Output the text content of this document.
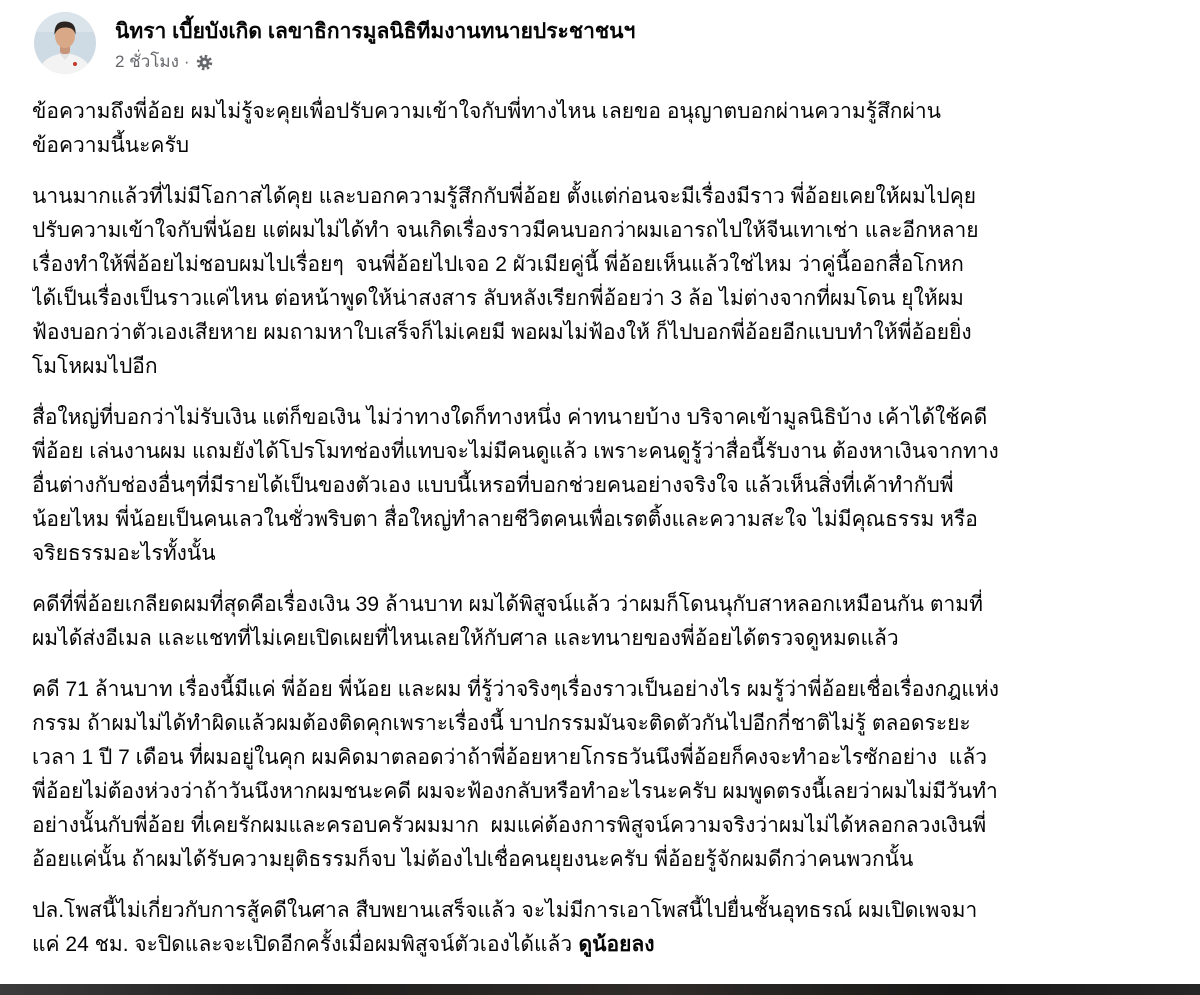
นิทรา เบี้ยบังเกิด เลขาธิการมูลนิธิทีมงานทนายประชาชนฯ
2 ชั่วโมง ·
ข้อความถึงพี่อ้อย ผมไม่รู้จะคุยเพื่อปรับความเข้าใจกับพี่ทางไหน เลยขอ อนุญาตบอกผ่านความรู้สึกผ่าน
ข้อความนี้นะครับ
นานมากแล้วที่ไม่มีโอกาสได้คุย และบอกความรู้สึกกับพี่อ้อย ตั้งแต่ก่อนจะมีเรื่องมีราว พี่อ้อยเคยให้ผมไปคุย
ปรับความเข้าใจกับพี่น้อย แต่ผมไม่ได้ทำ จนเกิดเรื่องราวมีคนบอกว่าผมเอารถไปให้จีนเทาเช่า และอีกหลาย
เรื่องทำให้พี่อ้อยไม่ชอบผมไปเรื่อยๆ  จนพี่อ้อยไปเจอ 2 ผัวเมียคู่นี้ พี่อ้อยเห็นแล้วใช่ไหม ว่าคู่นี้ออกสื่อโกหก
ได้เป็นเรื่องเป็นราวแค่ไหน ต่อหน้าพูดให้น่าสงสาร ลับหลังเรียกพี่อ้อยว่า 3 ล้อ ไม่ต่างจากที่ผมโดน ยุให้ผม
ฟ้องบอกว่าตัวเองเสียหาย ผมถามหาใบเสร็จก็ไม่เคยมี พอผมไม่ฟ้องให้ ก็ไปบอกพี่อ้อยอีกแบบทำให้พี่อ้อยยิ่ง
โมโหผมไปอีก
สื่อใหญ่ที่บอกว่าไม่รับเงิน แต่ก็ขอเงิน ไม่ว่าทางใดก็ทางหนึ่ง ค่าทนายบ้าง บริจาคเข้ามูลนิธิบ้าง เค้าได้ใช้คดี
พี่อ้อย เล่นงานผม แถมยังได้โปรโมทช่องที่แทบจะไม่มีคนดูแล้ว เพราะคนดูรู้ว่าสื่อนี้รับงาน ต้องหาเงินจากทาง
อื่นต่างกับช่องอื่นๆที่มีรายได้เป็นของตัวเอง แบบนี้เหรอที่บอกช่วยคนอย่างจริงใจ แล้วเห็นสิ่งที่เค้าทำกับพี่
น้อยไหม พี่น้อยเป็นคนเลวในชั่วพริบตา สื่อใหญ่ทำลายชีวิตคนเพื่อเรตติ้งและความสะใจ ไม่มีคุณธรรม หรือ
จริยธรรมอะไรทั้งนั้น
คดีที่พี่อ้อยเกลียดผมที่สุดคือเรื่องเงิน 39 ล้านบาท ผมได้พิสูจน์แล้ว ว่าผมก็โดนนุกับสาหลอกเหมือนกัน ตามที่
ผมได้ส่งอีเมล และแชทที่ไม่เคยเปิดเผยที่ไหนเลยให้กับศาล และทนายของพี่อ้อยได้ตรวจดูหมดแล้ว
คดี 71 ล้านบาท เรื่องนี้มีแค่ พี่อ้อย พี่น้อย และผม ที่รู้ว่าจริงๆเรื่องราวเป็นอย่างไร ผมรู้ว่าพี่อ้อยเชื่อเรื่องกฎแห่ง
กรรม ถ้าผมไม่ได้ทำผิดแล้วผมต้องติดคุกเพราะเรื่องนี้ บาปกรรมมันจะติดตัวกันไปอีกกี่ชาติไม่รู้ ตลอดระยะ
เวลา 1 ปี 7 เดือน ที่ผมอยู่ในคุก ผมคิดมาตลอดว่าถ้าพี่อ้อยหายโกรธวันนึงพี่อ้อยก็คงจะทำอะไรซักอย่าง  แล้ว
พี่อ้อยไม่ต้องห่วงว่าถ้าวันนึงหากผมชนะคดี ผมจะฟ้องกลับหรือทำอะไรนะครับ ผมพูดตรงนี้เลยว่าผมไม่มีวันทำ
อย่างนั้นกับพี่อ้อย ที่เคยรักผมและครอบครัวผมมาก  ผมแค่ต้องการพิสูจน์ความจริงว่าผมไม่ได้หลอกลวงเงินพี่
อ้อยแค่นั้น ถ้าผมได้รับความยุติธรรมก็จบ ไม่ต้องไปเชื่อคนยุยงนะครับ พี่อ้อยรู้จักผมดีกว่าคนพวกนั้น
ปล.โพสนี้ไม่เกี่ยวกับการสู้คดีในศาล สืบพยานเสร็จแล้ว จะไม่มีการเอาโพสนี้ไปยื่นชั้นอุทธรณ์ ผมเปิดเพจมา
แค่ 24 ชม. จะปิดและจะเปิดอีกครั้งเมื่อผมพิสูจน์ตัวเองได้แล้ว ดูน้อยลง
